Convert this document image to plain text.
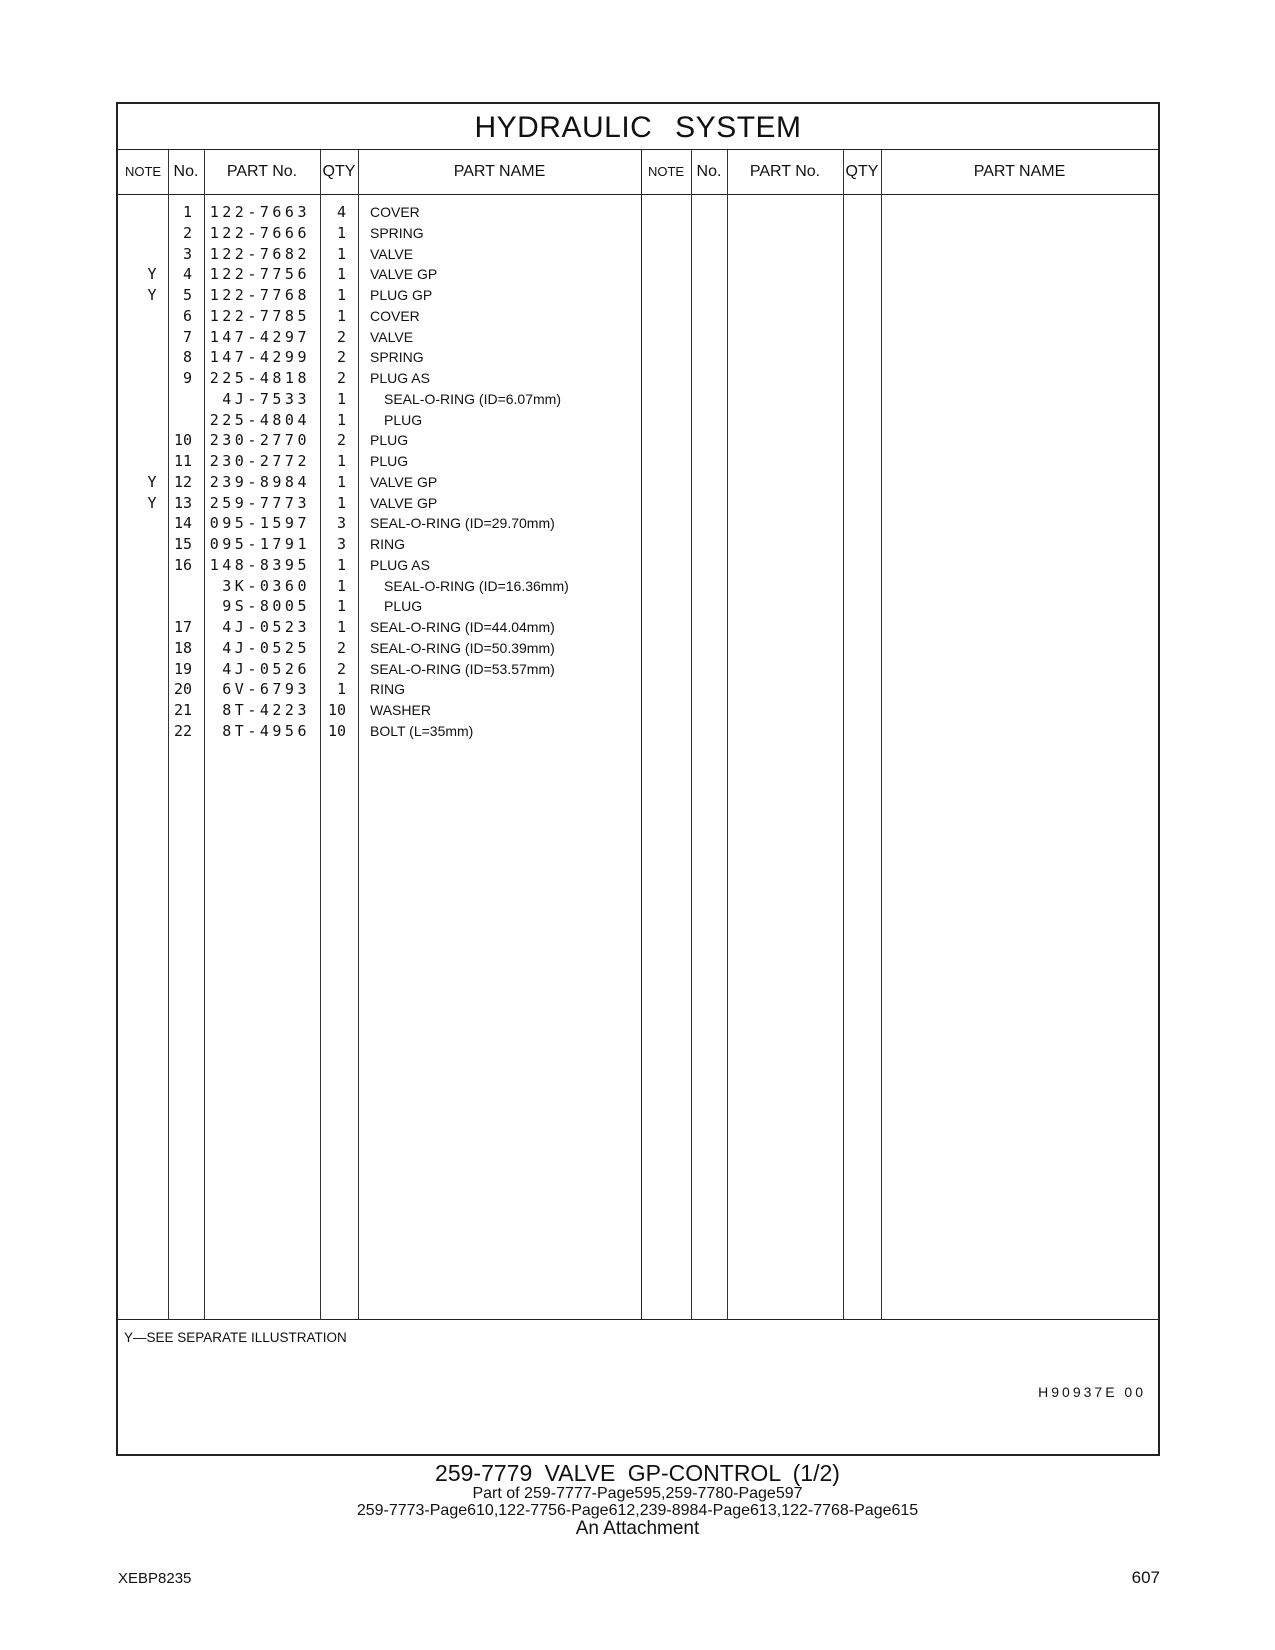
HYDRAULIC SYSTEM
NOTE No.	PART No.	QTY	PART NAME	NOTE No.	PART No.	QTY	PART NAME
1 122-7663	4 COVER
2 122-7666	1 SPRING
3 122-7682	1 VALVE
Y	4 122-7756	1 VALVE GP
Y	5 122-7768	1 PLUG GP
6 122-7785	1 COVER
7 147-4297	2 VALVE
8 147-4299	2 SPRING
9 225-4818	2 PLUG AS
4J-7533	1	SEAL-O-RING (ID=6.07mm)
225-4804	1	PLUG
10 230-2770	2 PLUG
11 230-2772	1 PLUG
Y	12 239-8984	1 VALVE GP
Y	13 259-7773	1 VALVE GP
14 095-1597	3 SEAL-O-RING (ID=29.70mm)
15 095-1791	3 RING
16 148-8395	1 PLUG AS
3K-0360	1	SEAL-O-RING (ID=16.36mm)
9S-8005	1	PLUG
17	4J-0523	1 SEAL-O-RING (ID=44.04mm)
18	4J-0525	2 SEAL-O-RING (ID=50.39mm)
19	4J-0526	2 SEAL-O-RING (ID=53.57mm)
20	6V-6793	1 RING
21	8T-4223	10 WASHER
22	8T-4956	10 BOLT (L=35mm)
Y—SEE SEPARATE ILLUSTRATION
H90937E 00
259-7779 VALVE GP-CONTROL (1/2)
Part of 259-7777-Page595,259-7780-Page597
259-7773-Page610,122-7756-Page612,239-8984-Page613,122-7768-Page615
An Attachment
XEBP8235	607
